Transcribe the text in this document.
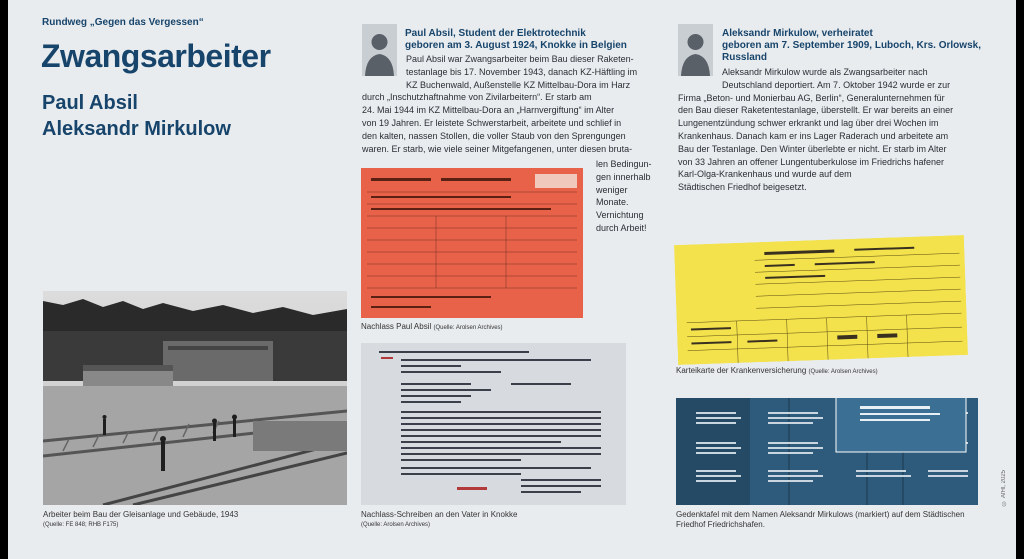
Rundweg „Gegen das Vergessen“
Zwangsarbeiter
Paul Absil
Aleksandr Mirkulow
Arbeiter beim Bau der Gleisanlage und Gebäude, 1943
(Quelle: FE 848; RHB F175)
Paul Absil, Student der Elektrotechnik
geboren am 3. August 1924, Knokke in Belgien
Paul Absil war Zwangsarbeiter beim Bau dieser Raketen-
testanlage bis 17. November 1943, danach KZ-Häftling im
KZ Buchenwald, Außenstelle KZ Mittelbau-Dora im Harz
durch „Inschutzhaftnahme von Zivilarbeitern“. Er starb am
24. Mai 1944 im KZ Mittelbau-Dora an „Harnvergiftung“ im Alter
von 19 Jahren. Er leistete Schwerstarbeit, arbeitete und schlief in
den kalten, nassen Stollen, die voller Staub von den Sprengungen
waren. Er starb, wie viele seiner Mitgefangenen, unter diesen bruta-
len Bedingun-
gen innerhalb
weniger
Monate.
Vernichtung
durch Arbeit!
Nachlass Paul Absil (Quelle: Arolsen Archives)
Nachlass-Schreiben an den Vater in Knokke
(Quelle: Arolsen Archives)
Aleksandr Mirkulow, verheiratet
geboren am 7. September 1909, Luboch, Krs. Orlowsk,
Russland
Aleksandr Mirkulow wurde als Zwangsarbeiter nach
Deutschland deportiert. Am 7. Oktober 1942 wurde er zur
Firma „Beton- und Monierbau AG, Berlin“, Generalunternehmen für
den Bau dieser Raketentestanlage, überstellt. Er war bereits an einer
Lungenentzündung schwer erkrankt und lag über drei Wochen im
Krankenhaus. Danach kam er ins Lager Raderach und arbeitete am
Bau der Testanlage. Den Winter überlebte er nicht. Er starb im Alter
von 33 Jahren an offener Lungentuberkulose im Friedrichs hafener
Karl-Olga-Krankenhaus und wurde auf dem
Städtischen Friedhof beigesetzt.
Karteikarte der Krankenversicherung (Quelle: Arolsen Archives)
Gedenktafel mit dem Namen Aleksandr Mirkulows (markiert) auf dem Städtischen
Friedhof Friedrichshafen.
© AfHl, 2025
